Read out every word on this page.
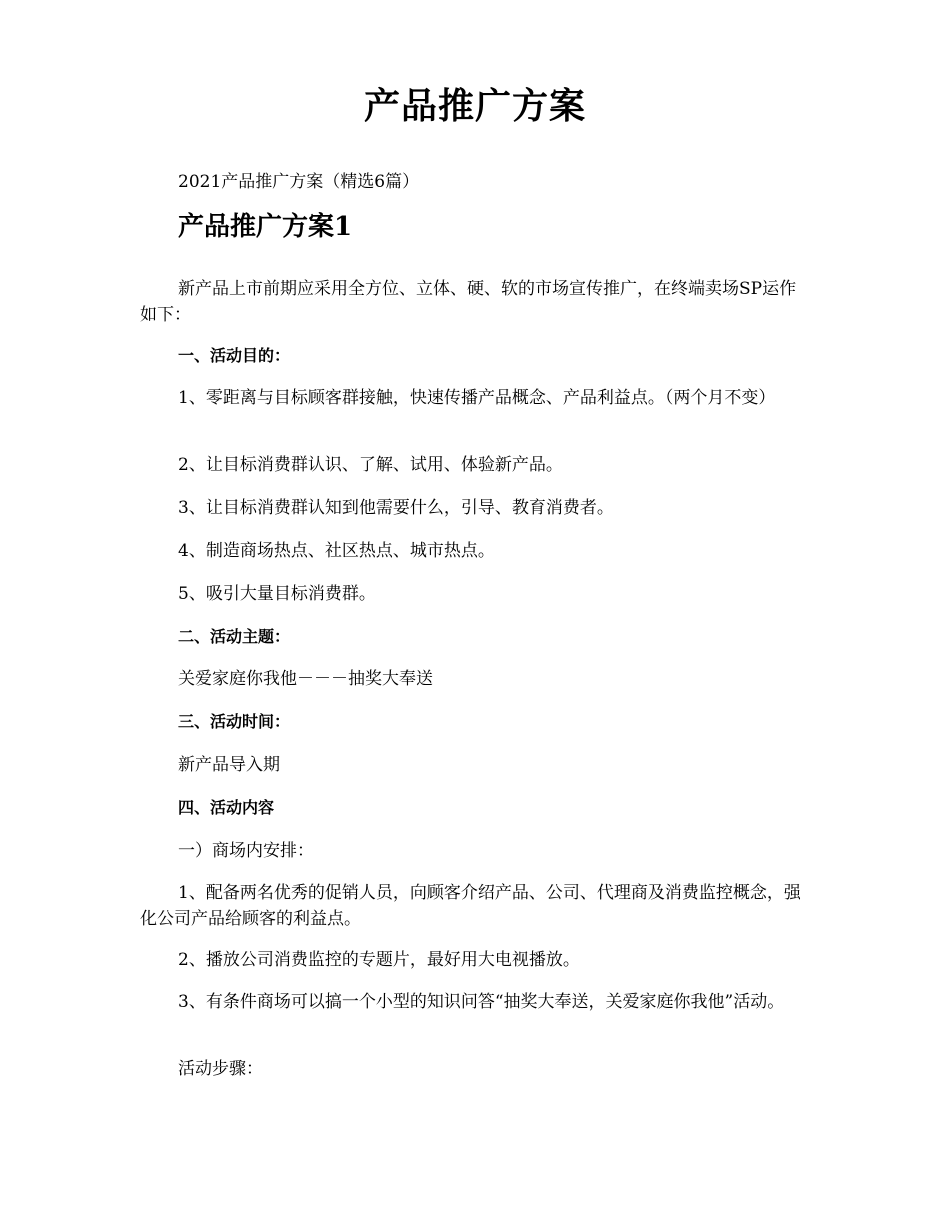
产品推广方案
2021产品推广方案（精选6篇）
产品推广方案1
新产品上市前期应采用全方位、立体、硬、软的市场宣传推广，在终端卖场SP运作如下：
一、活动目的：
1、零距离与目标顾客群接触，快速传播产品概念、产品利益点。（两个月不变）
2、让目标消费群认识、了解、试用、体验新产品。
3、让目标消费群认知到他需要什么，引导、教育消费者。
4、制造商场热点、社区热点、城市热点。
5、吸引大量目标消费群。
二、活动主题：
关爱家庭你我他－－－抽奖大奉送
三、活动时间：
新产品导入期
四、活动内容
一）商场内安排：
1、配备两名优秀的促销人员，向顾客介绍产品、公司、代理商及消费监控概念，强化公司产品给顾客的利益点。
2、播放公司消费监控的专题片，最好用大电视播放。
3、有条件商场可以搞一个小型的知识问答“抽奖大奉送，关爱家庭你我他”活动。
活动步骤：
